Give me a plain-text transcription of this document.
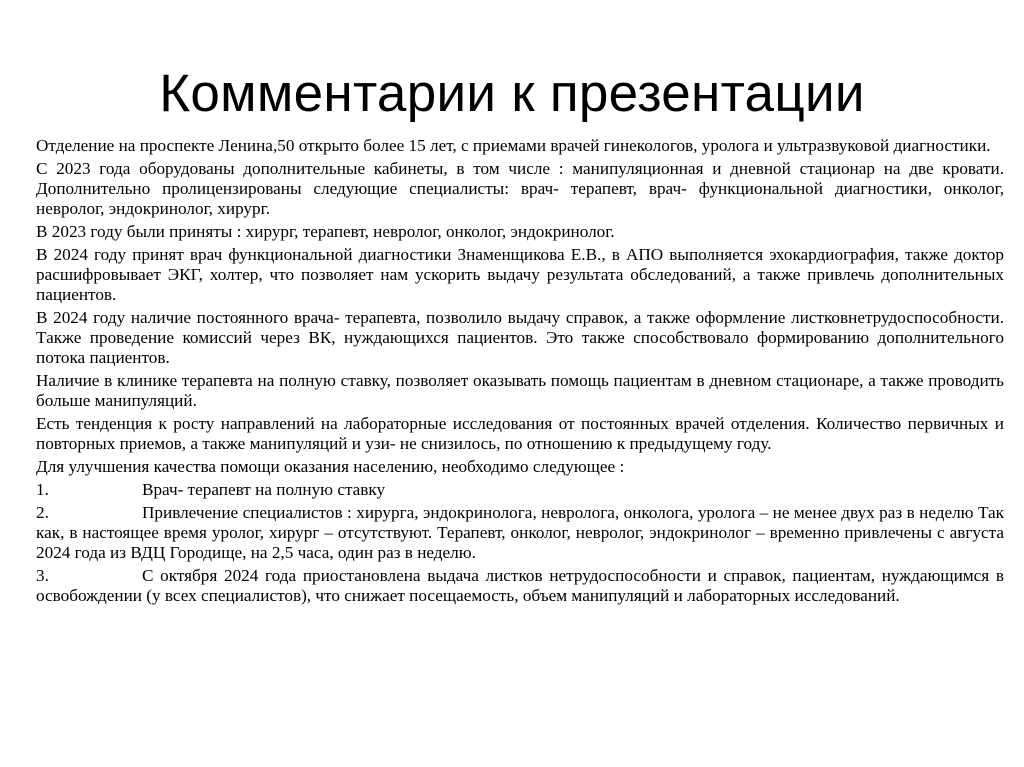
Комментарии к презентации

Отделение на проспекте Ленина,50 открыто более 15 лет, с приемами врачей гинекологов, уролога и ультразвуковой диагностики.

С 2023 года оборудованы дополнительные кабинеты, в том числе : манипуляционная и дневной стационар на две кровати. Дополнительно пролицензированы следующие специалисты: врач- терапевт, врач- функциональной диагностики, онколог, невролог, эндокринолог, хирург.

В 2023 году были приняты : хирург, терапевт, невролог, онколог, эндокринолог.

В 2024 году принят врач функциональной диагностики Знаменщикова Е.В., в АПО выполняется эхокардиография, также доктор расшифровывает ЭКГ, холтер, что позволяет нам ускорить выдачу результата обследований, а также привлечь дополнительных пациентов.

В 2024 году наличие постоянного врача- терапевта, позволило выдачу справок, а также оформление листковнетрудоспособности. Также проведение комиссий через ВК, нуждающихся пациентов. Это также способствовало формированию дополнительного потока пациентов.

Наличие в клинике терапевта на полную ставку, позволяет оказывать помощь пациентам в дневном стационаре, а также проводить больше манипуляций.

Есть тенденция к росту направлений на лабораторные исследования от постоянных врачей отделения. Количество первичных и повторных приемов, а также манипуляций и узи- не снизилось, по отношению к предыдущему году.

Для улучшения качества помощи оказания населению, необходимо следующее :

1.	Врач- терапевт на полную ставку

2.	Привлечение специалистов : хирурга, эндокринолога, невролога, онколога, уролога – не менее двух раз в неделю Так как, в настоящее время уролог, хирург – отсутствуют. Терапевт, онколог, невролог, эндокринолог – временно привлечены с августа 2024 года из ВДЦ Городище, на 2,5 часа, один раз в неделю.

3.	С октября 2024 года приостановлена выдача листков нетрудоспособности и справок, пациентам, нуждающимся в освобождении (у всех специалистов), что снижает посещаемость, объем манипуляций и лабораторных исследований.
